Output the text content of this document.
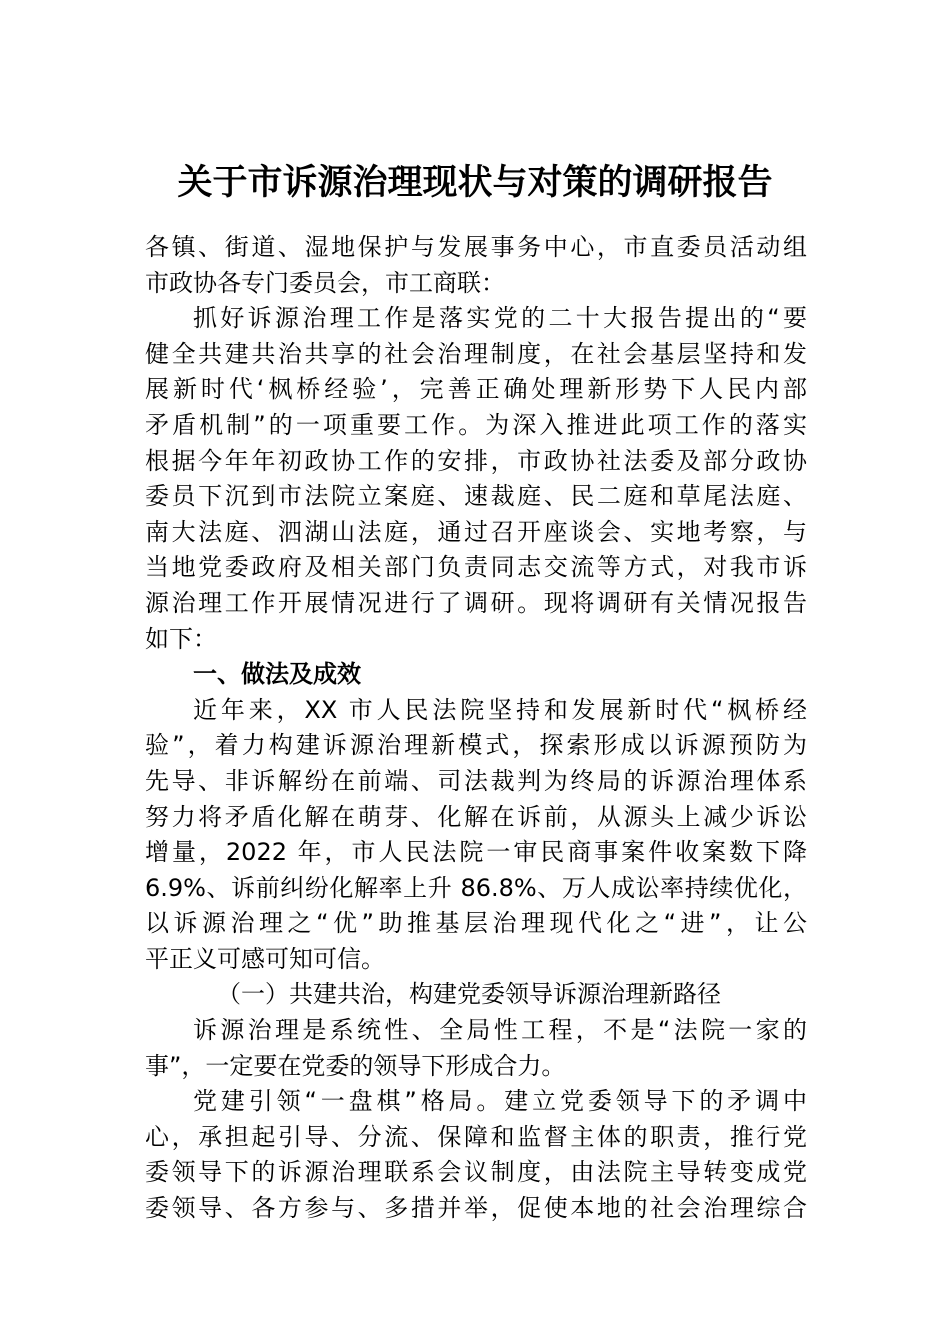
关于市诉源治理现状与对策的调研报告
各镇、街道、湿地保护与发展事务中心，市直委员活动组
市政协各专门委员会，市工商联：
抓好诉源治理工作是落实党的二十大报告提出的“要
健全共建共治共享的社会治理制度，在社会基层坚持和发
展新时代‘枫桥经验’，完善正确处理新形势下人民内部
矛盾机制”的一项重要工作。为深入推进此项工作的落实
根据今年年初政协工作的安排，市政协社法委及部分政协
委员下沉到市法院立案庭、速裁庭、民二庭和草尾法庭、
南大法庭、泗湖山法庭，通过召开座谈会、实地考察，与
当地党委政府及相关部门负责同志交流等方式，对我市诉
源治理工作开展情况进行了调研。现将调研有关情况报告
如下：
一、做法及成效
近年来，XX 市人民法院坚持和发展新时代“枫桥经
验”，着力构建诉源治理新模式，探索形成以诉源预防为
先导、非诉解纷在前端、司法裁判为终局的诉源治理体系
努力将矛盾化解在萌芽、化解在诉前，从源头上减少诉讼
增量，2022 年，市人民法院一审民商事案件收案数下降
6.9%、诉前纠纷化解率上升 86.8%、万人成讼率持续优化，
以诉源治理之“优”助推基层治理现代化之“进”，让公
平正义可感可知可信。
（一）共建共治，构建党委领导诉源治理新路径
诉源治理是系统性、全局性工程，不是“法院一家的
事”，一定要在党委的领导下形成合力。
党建引领“一盘棋”格局。建立党委领导下的矛调中
心，承担起引导、分流、保障和监督主体的职责，推行党
委领导下的诉源治理联系会议制度，由法院主导转变成党
委领导、各方参与、多措并举，促使本地的社会治理综合
